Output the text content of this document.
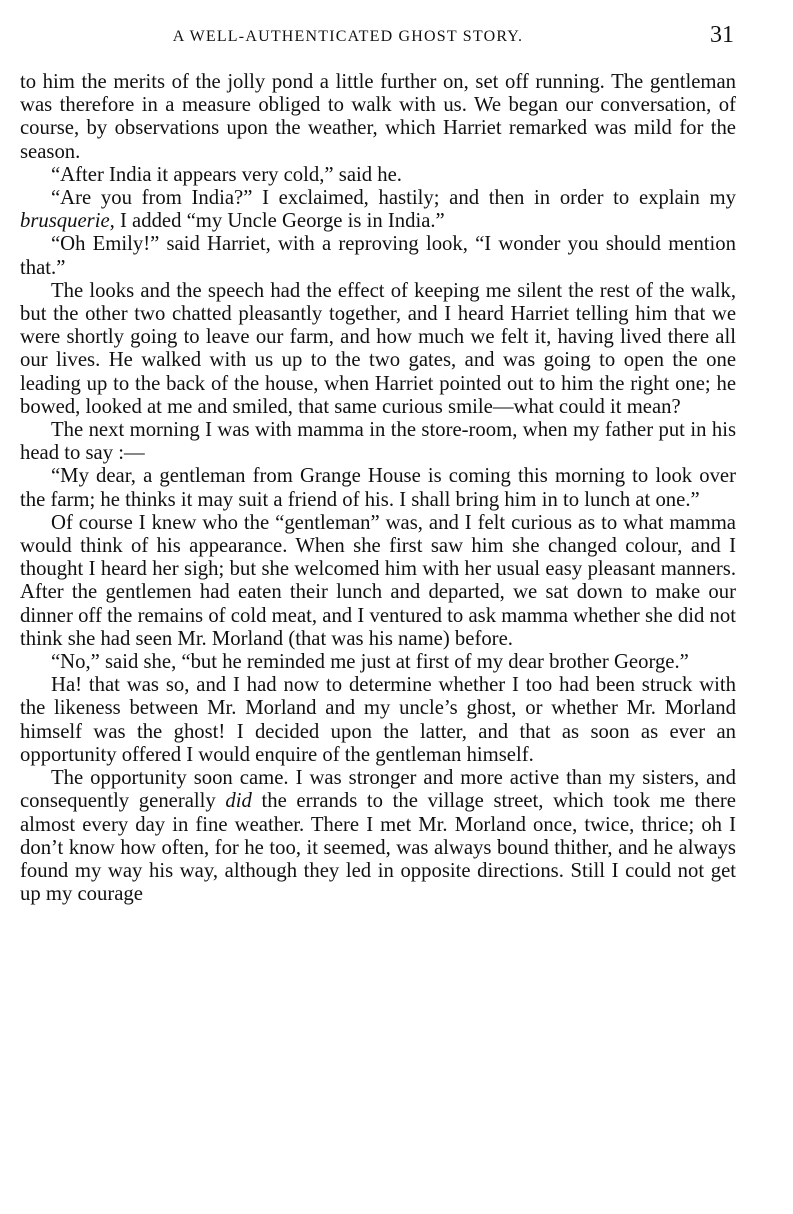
A WELL-AUTHENTICATED GHOST STORY.	31

to him the merits of the jolly pond a little further on, set off running. The gentleman was therefore in a measure obliged to walk with us. We began our conversation, of course, by observations upon the weather, which Harriet remarked was mild for the season.

“After India it appears very cold,” said he.

“Are you from India?” I exclaimed, hastily; and then in order to explain my brusquerie, I added “my Uncle George is in India.”

“Oh Emily!” said Harriet, with a reproving look, “I wonder you should mention that.”

The looks and the speech had the effect of keeping me silent the rest of the walk, but the other two chatted pleasantly together, and I heard Harriet telling him that we were shortly going to leave our farm, and how much we felt it, having lived there all our lives. He walked with us up to the two gates, and was going to open the one leading up to the back of the house, when Harriet pointed out to him the right one; he bowed, looked at me and smiled, that same curious smile—what could it mean?

The next morning I was with mamma in the store-room, when my father put in his head to say :—

“My dear, a gentleman from Grange House is coming this morning to look over the farm; he thinks it may suit a friend of his. I shall bring him in to lunch at one.”

Of course I knew who the “gentleman” was, and I felt curious as to what mamma would think of his appearance. When she first saw him she changed colour, and I thought I heard her sigh; but she welcomed him with her usual easy pleasant manners. After the gentlemen had eaten their lunch and departed, we sat down to make our dinner off the remains of cold meat, and I ventured to ask mamma whether she did not think she had seen Mr. Morland (that was his name) before.

“No,” said she, “but he reminded me just at first of my dear brother George.”

Ha! that was so, and I had now to determine whether I too had been struck with the likeness between Mr. Morland and my uncle’s ghost, or whether Mr. Morland himself was the ghost! I decided upon the latter, and that as soon as ever an opportunity offered I would enquire of the gentleman himself.

The opportunity soon came. I was stronger and more active than my sisters, and consequently generally did the errands to the village street, which took me there almost every day in fine weather. There I met Mr. Morland once, twice, thrice; oh I don’t know how often, for he too, it seemed, was always bound thither, and he always found my way his way, although they led in opposite directions. Still I could not get up my courage
